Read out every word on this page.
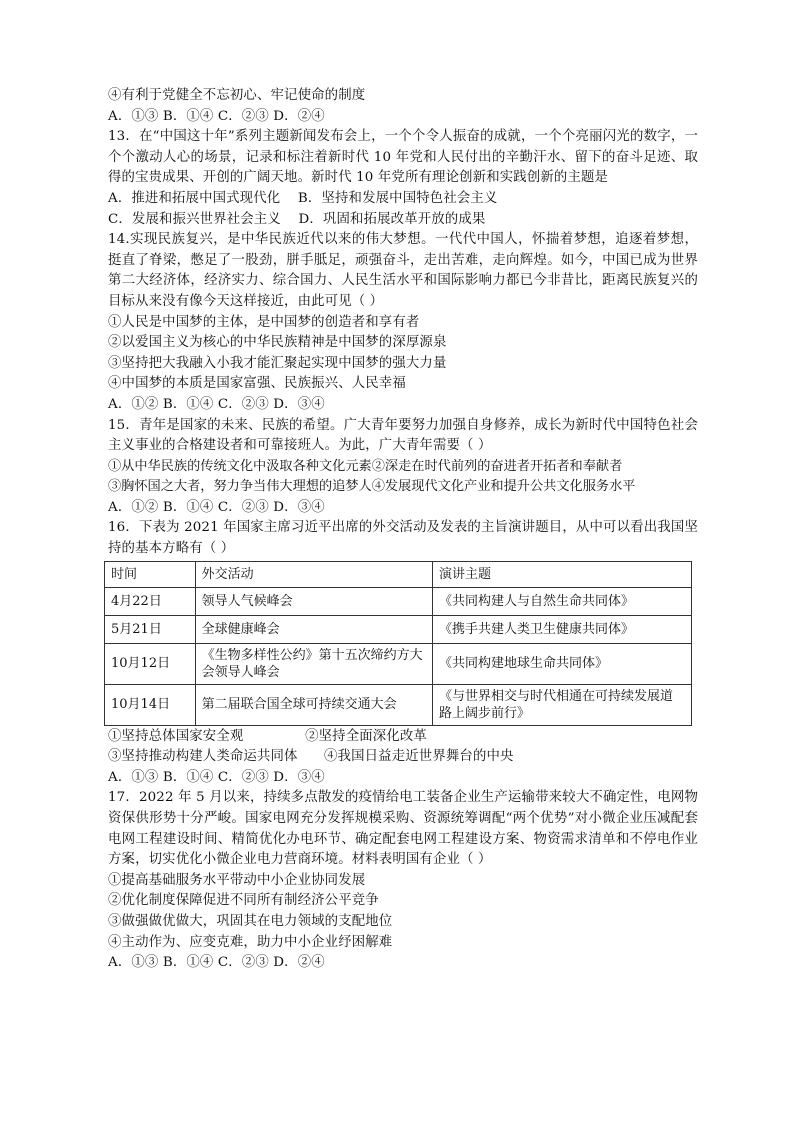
④有利于党健全不忘初心、牢记使命的制度
A．①③ B．①④ C．②③ D．②④
13．在“中国这十年”系列主题新闻发布会上，一个个令人振奋的成就，一个个亮丽闪光的数字，一个个激动人心的场景，记录和标注着新时代 10 年党和人民付出的辛勤汗水、留下的奋斗足迹、取得的宝贵成果、开创的广阔天地。新时代 10 年党所有理论创新和实践创新的主题是
A．推进和拓展中国式现代化    B．坚持和发展中国特色社会主义
C．发展和振兴世界社会主义    D．巩固和拓展改革开放的成果
14.实现民族复兴，是中华民族近代以来的伟大梦想。一代代中国人，怀揣着梦想，追逐着梦想，挺直了脊梁，憋足了一股劲，胼手胝足，顽强奋斗，走出苦难，走向辉煌。如今，中国已成为世界第二大经济体，经济实力、综合国力、人民生活水平和国际影响力都已今非昔比，距离民族复兴的目标从来没有像今天这样接近，由此可见（ ）
①人民是中国梦的主体，是中国梦的创造者和享有者
②以爱国主义为核心的中华民族精神是中国梦的深厚源泉
③坚持把大我融入小我才能汇聚起实现中国梦的强大力量
④中国梦的本质是国家富强、民族振兴、人民幸福
A．①② B．①④ C．②③ D．③④
15．青年是国家的未来、民族的希望。广大青年要努力加强自身修养，成长为新时代中国特色社会主义事业的合格建设者和可靠接班人。为此，广大青年需要（ ）
①从中华民族的传统文化中汲取各种文化元素②深走在时代前列的奋进者开拓者和奉献者
③胸怀国之大者，努力争当伟大理想的追梦人④发展现代文化产业和提升公共文化服务水平
A．①② B．①④ C．②③ D．③④
16．下表为 2021 年国家主席习近平出席的外交活动及发表的主旨演讲题目，从中可以看出我国坚持的基本方略有（ ）
时间	外交活动	演讲主题
4月22日	领导人气候峰会	《共同构建人与自然生命共同体》
5月21日	全球健康峰会	《携手共建人类卫生健康共同体》
10月12日	《生物多样性公约》第十五次缔约方大会领导人峰会	《共同构建地球生命共同体》
10月14日	第二届联合国全球可持续交通大会	《与世界相交与时代相通在可持续发展道路上阔步前行》
①坚持总体国家安全观              ②坚持全面深化改革
③坚持推动构建人类命运共同体      ④我国日益走近世界舞台的中央
A．①③ B．①④ C．②③ D．③④
17．2022 年 5 月以来，持续多点散发的疫情给电工装备企业生产运输带来较大不确定性，电网物资保供形势十分严峻。国家电网充分发挥规模采购、资源统筹调配“两个优势”对小微企业压减配套电网工程建设时间、精简优化办电环节、确定配套电网工程建设方案、物资需求清单和不停电作业方案，切实优化小微企业电力营商环境。材料表明国有企业（ ）
①提高基础服务水平带动中小企业协同发展
②优化制度保障促进不同所有制经济公平竞争
③做强做优做大，巩固其在电力领域的支配地位
④主动作为、应变克难，助力中小企业纾困解难
A．①③ B．①④ C．②③ D．②④
